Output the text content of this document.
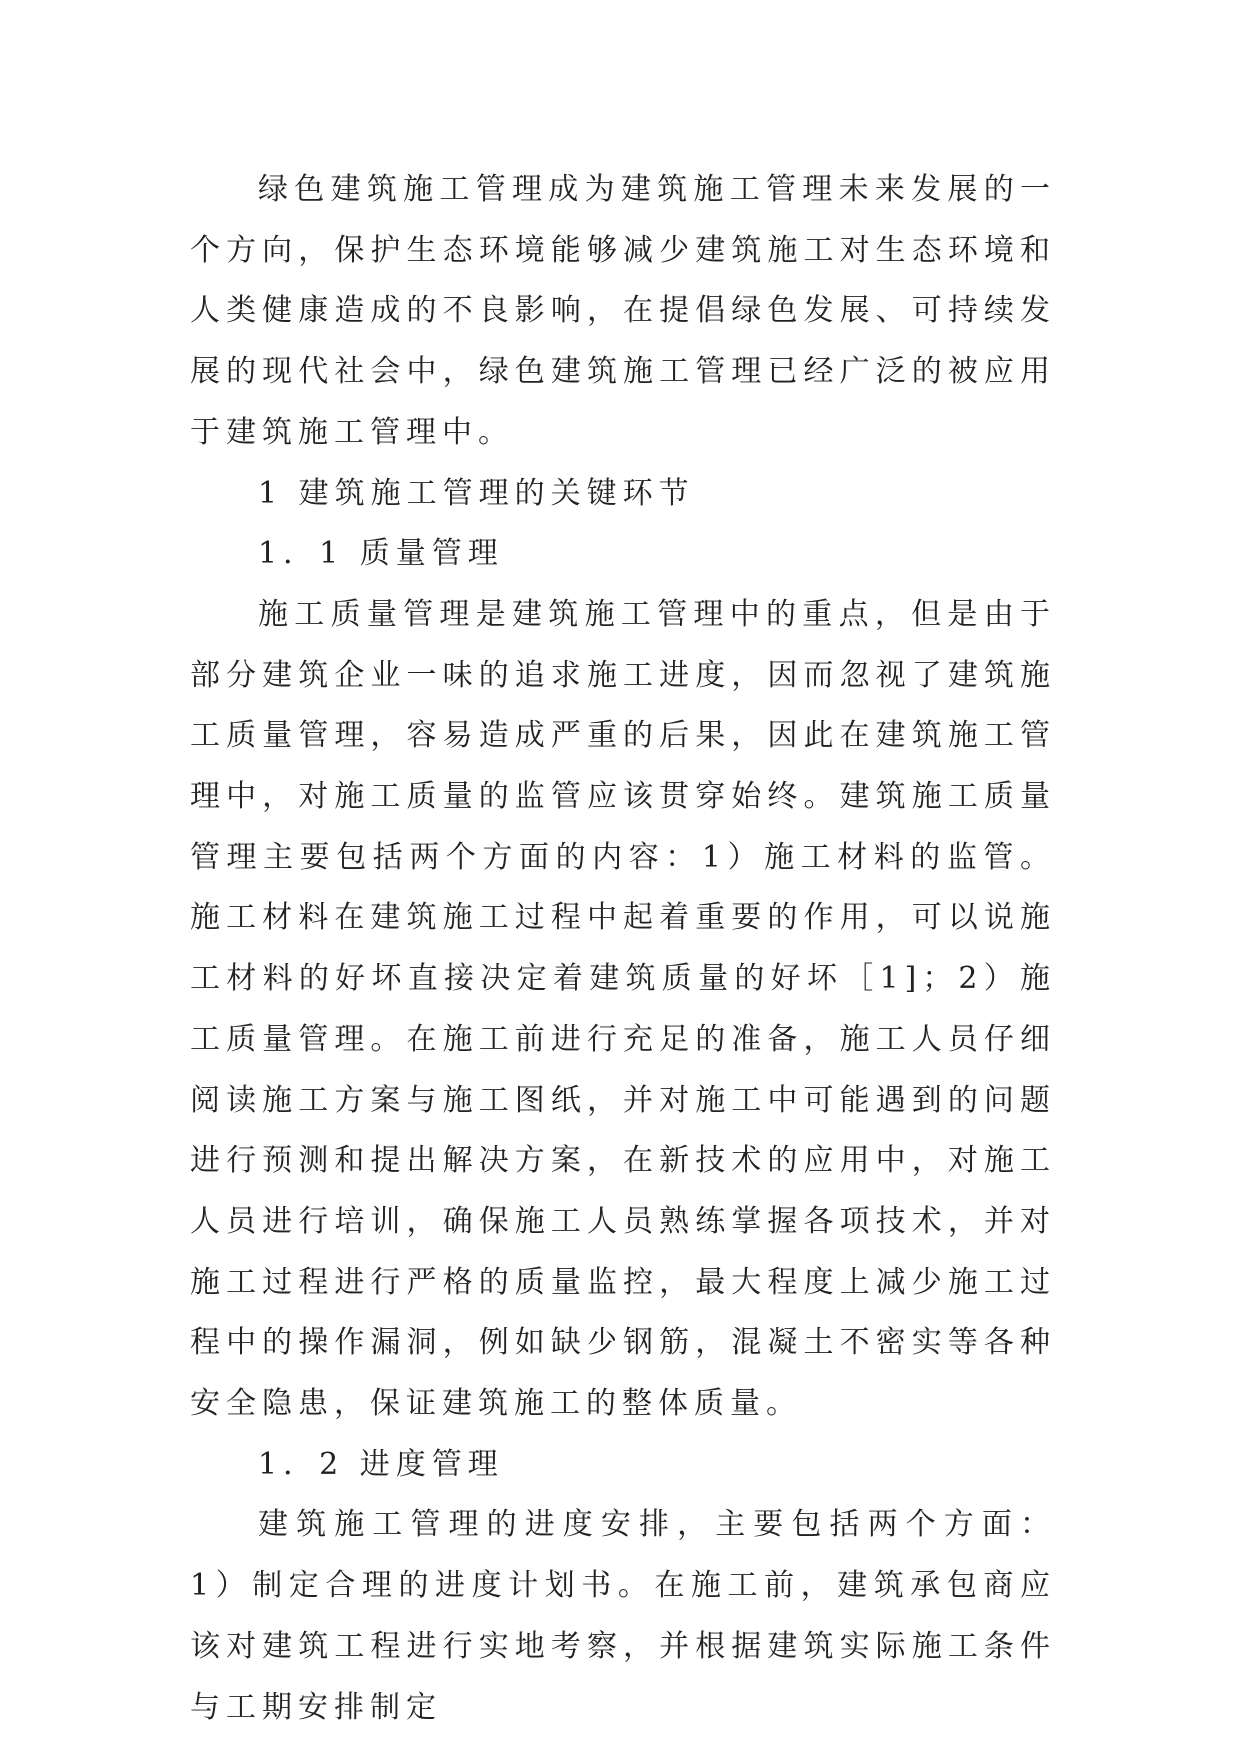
绿色建筑施工管理成为建筑施工管理未来发展的一个方向，保护生态环境能够减少建筑施工对生态环境和人类健康造成的不良影响，在提倡绿色发展、可持续发展的现代社会中，绿色建筑施工管理已经广泛的被应用于建筑施工管理中。

1 建筑施工管理的关键环节
1．1 质量管理

施工质量管理是建筑施工管理中的重点，但是由于部分建筑企业一味的追求施工进度，因而忽视了建筑施工质量管理，容易造成严重的后果，因此在建筑施工管理中，对施工质量的监管应该贯穿始终。建筑施工质量管理主要包括两个方面的内容：1）施工材料的监管。施工材料在建筑施工过程中起着重要的作用，可以说施工材料的好坏直接决定着建筑质量的好坏［1]；2）施工质量管理。在施工前进行充足的准备，施工人员仔细阅读施工方案与施工图纸，并对施工中可能遇到的问题进行预测和提出解决方案，在新技术的应用中，对施工人员进行培训，确保施工人员熟练掌握各项技术，并对施工过程进行严格的质量监控，最大程度上减少施工过程中的操作漏洞，例如缺少钢筋，混凝土不密实等各种安全隐患，保证建筑施工的整体质量。

1．2 进度管理

建筑施工管理的进度安排，主要包括两个方面：1）制定合理的进度计划书。在施工前，建筑承包商应该对建筑工程进行实地考察，并根据建筑实际施工条件与工期安排制定
